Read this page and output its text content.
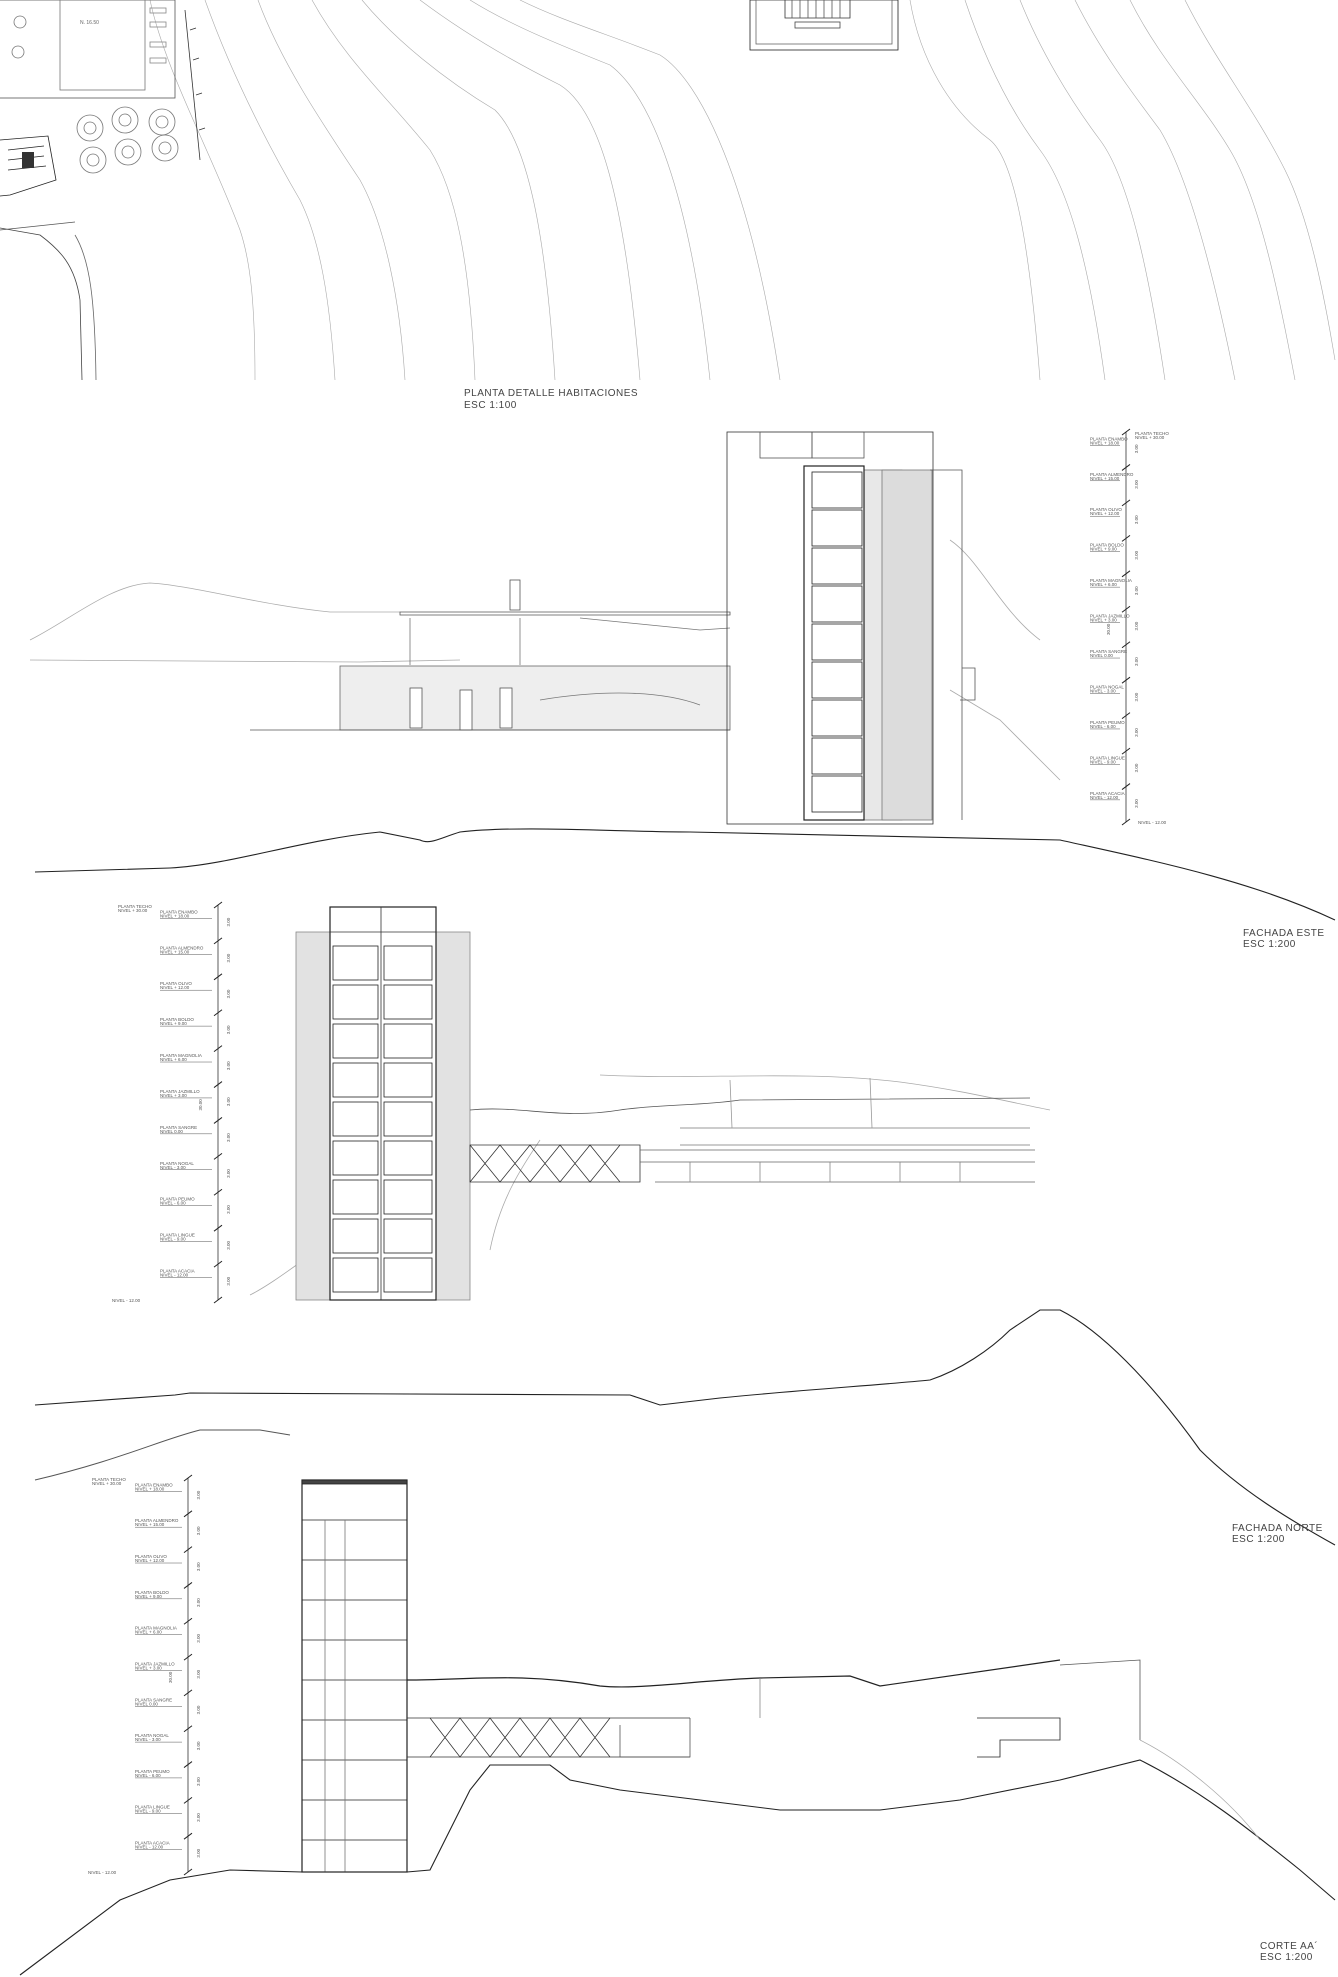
N. 16.50
PLANTA ENAMBO
NIVEL + 18.00
3.00
PLANTA ALMENDRO
NIVEL + 15.00
3.00
PLANTA OLIVO
NIVEL + 12.00
3.00
PLANTA BOLDO
NIVEL + 9.00
3.00
PLANTA MAGNOLIA
NIVEL + 6.00
3.00
PLANTA JAZMILLO
NIVEL + 3.00
3.00
PLANTA SANGRE
NIVEL 0.00
3.00
PLANTA NOGAL
NIVEL - 3.00
3.00
PLANTA PEUMO
NIVEL - 6.00
3.00
PLANTA LINGUE
NIVEL - 9.00
3.00
PLANTA ACACIA
NIVEL - 12.00
3.00
30.00
PLANTA TECHO
NIVEL + 30.00
NIVEL - 12.00
PLANTA ENAMBO
NIVEL + 18.00
3.00
PLANTA ALMENDRO
NIVEL + 15.00
3.00
PLANTA OLIVO
NIVEL + 12.00
3.00
PLANTA BOLDO
NIVEL + 9.00
3.00
PLANTA MAGNOLIA
NIVEL + 6.00
3.00
PLANTA JAZMILLO
NIVEL + 3.00
3.00
PLANTA SANGRE
NIVEL 0.00
3.00
PLANTA NOGAL
NIVEL - 3.00
3.00
PLANTA PEUMO
NIVEL - 6.00
3.00
PLANTA LINGUE
NIVEL - 9.00
3.00
PLANTA ACACIA
NIVEL - 12.00
3.00
30.00
PLANTA TECHO
NIVEL + 30.00
NIVEL - 12.00
PLANTA ENAMBO
NIVEL + 18.00
3.00
PLANTA ALMENDRO
NIVEL + 15.00
3.00
PLANTA OLIVO
NIVEL + 12.00
3.00
PLANTA BOLDO
NIVEL + 9.00
3.00
PLANTA MAGNOLIA
NIVEL + 6.00
3.00
PLANTA JAZMILLO
NIVEL + 3.00
3.00
PLANTA SANGRE
NIVEL 0.00
3.00
PLANTA NOGAL
NIVEL - 3.00
3.00
PLANTA PEUMO
NIVEL - 6.00
3.00
PLANTA LINGUE
NIVEL - 9.00
3.00
PLANTA ACACIA
NIVEL - 12.00
3.00
30.00
PLANTA TECHO
NIVEL + 30.00
NIVEL - 12.00
PLANTA DETALLE HABITACIONES
ESC 1:100
FACHADA ESTE
ESC 1:200
FACHADA NORTE
ESC 1:200
CORTE AA´
ESC 1:200
